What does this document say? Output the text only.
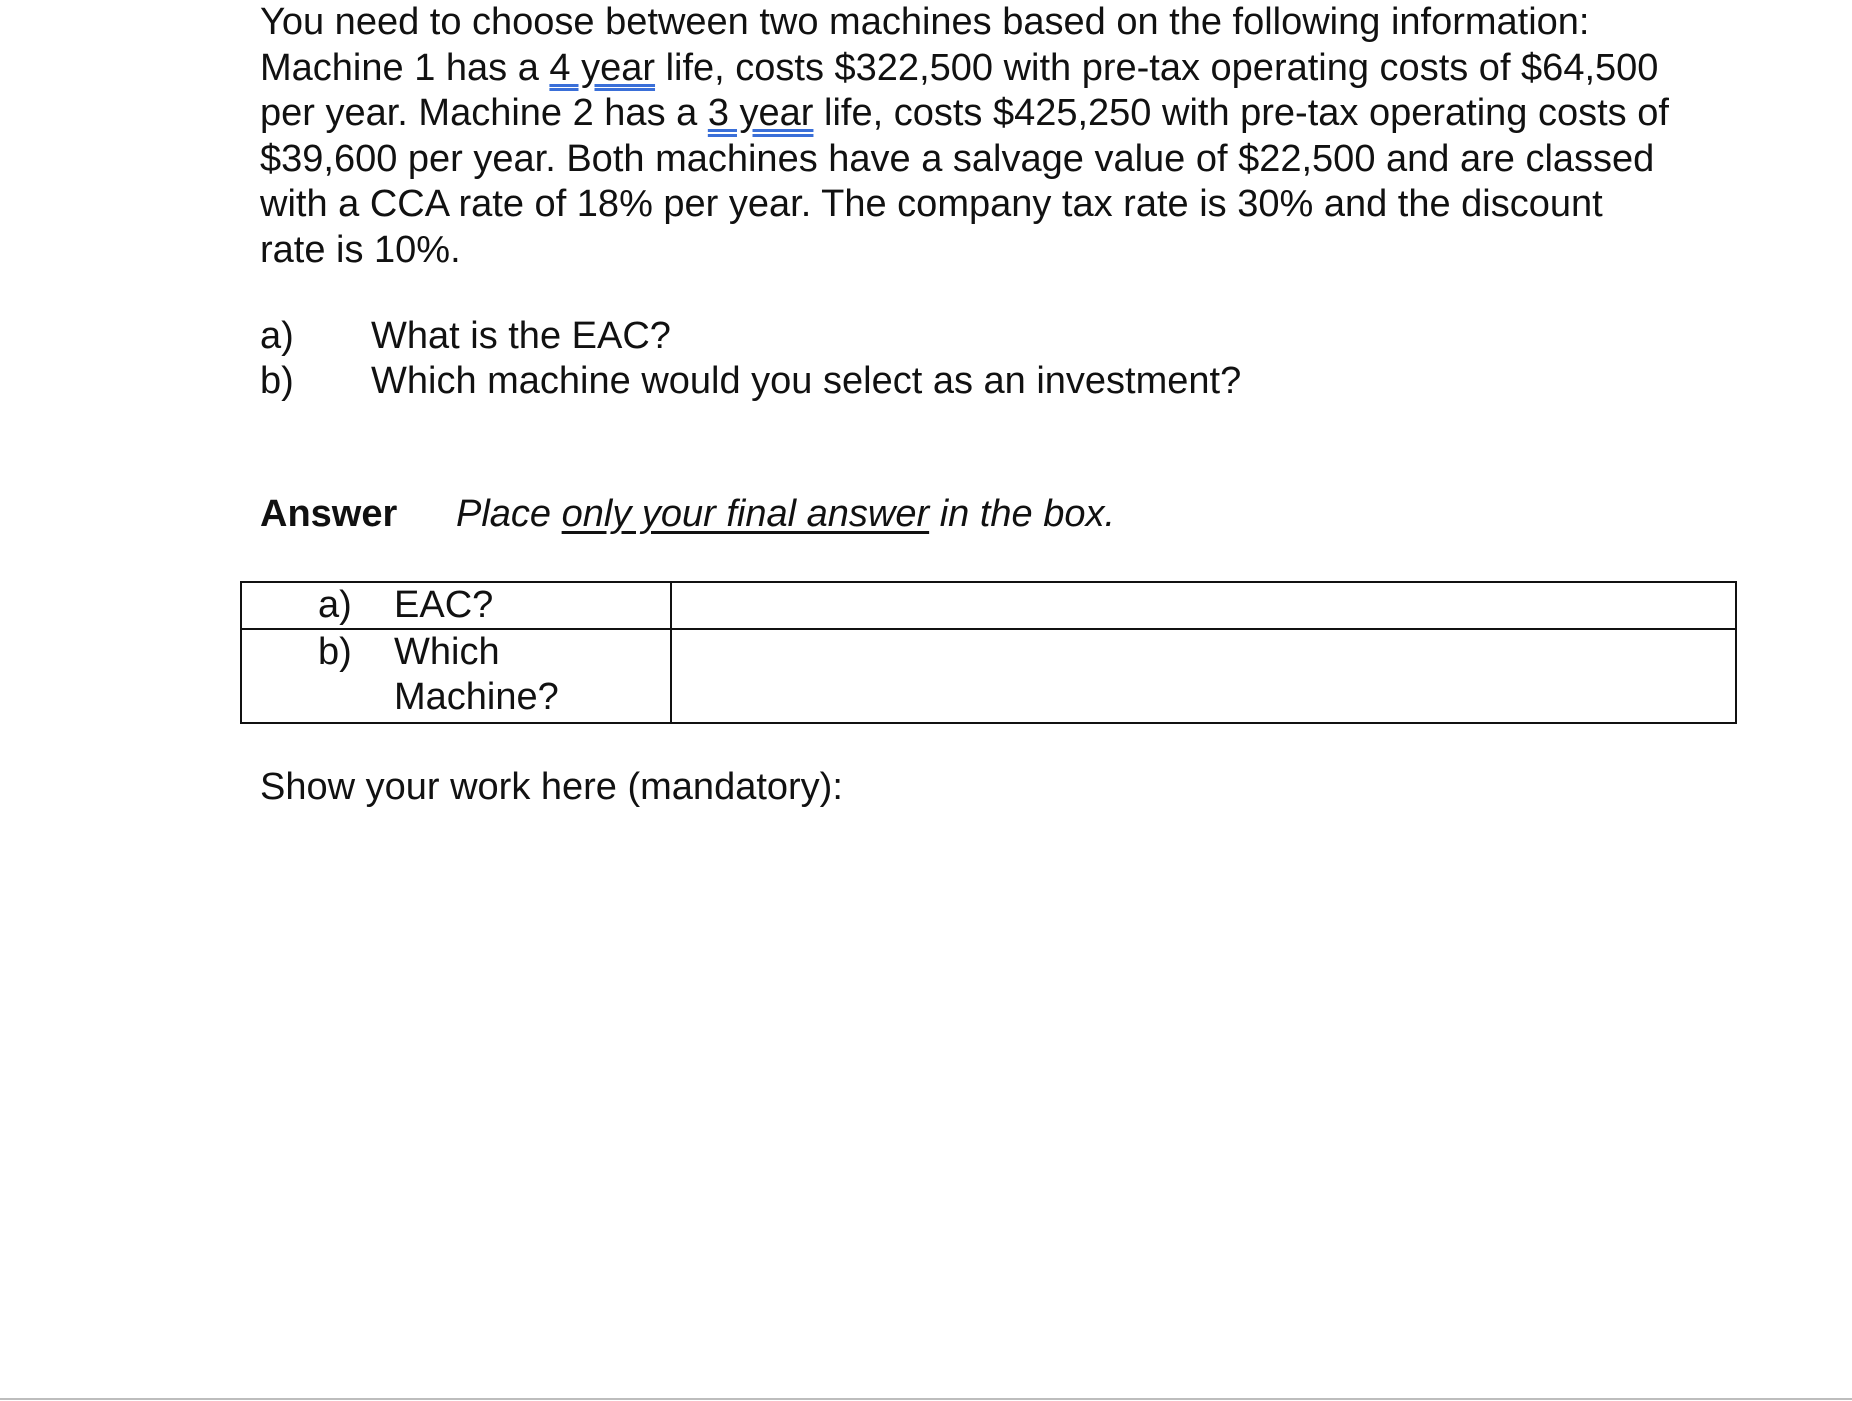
You need to choose between two machines based on the following information:
Machine 1 has a 4 year life, costs $322,500 with pre-tax operating costs of $64,500
per year. Machine 2 has a 3 year life, costs $425,250 with pre-tax operating costs of
$39,600 per year. Both machines have a salvage value of $22,500 and are classed
with a CCA rate of 18% per year. The company tax rate is 30% and the discount
rate is 10%.

a)	What is the EAC?
b)	Which machine would you select as an investment?
Answer Place only your final answer in the box.
a) EAC?	

b) Which
Machine?	

Show your work here (mandatory):
